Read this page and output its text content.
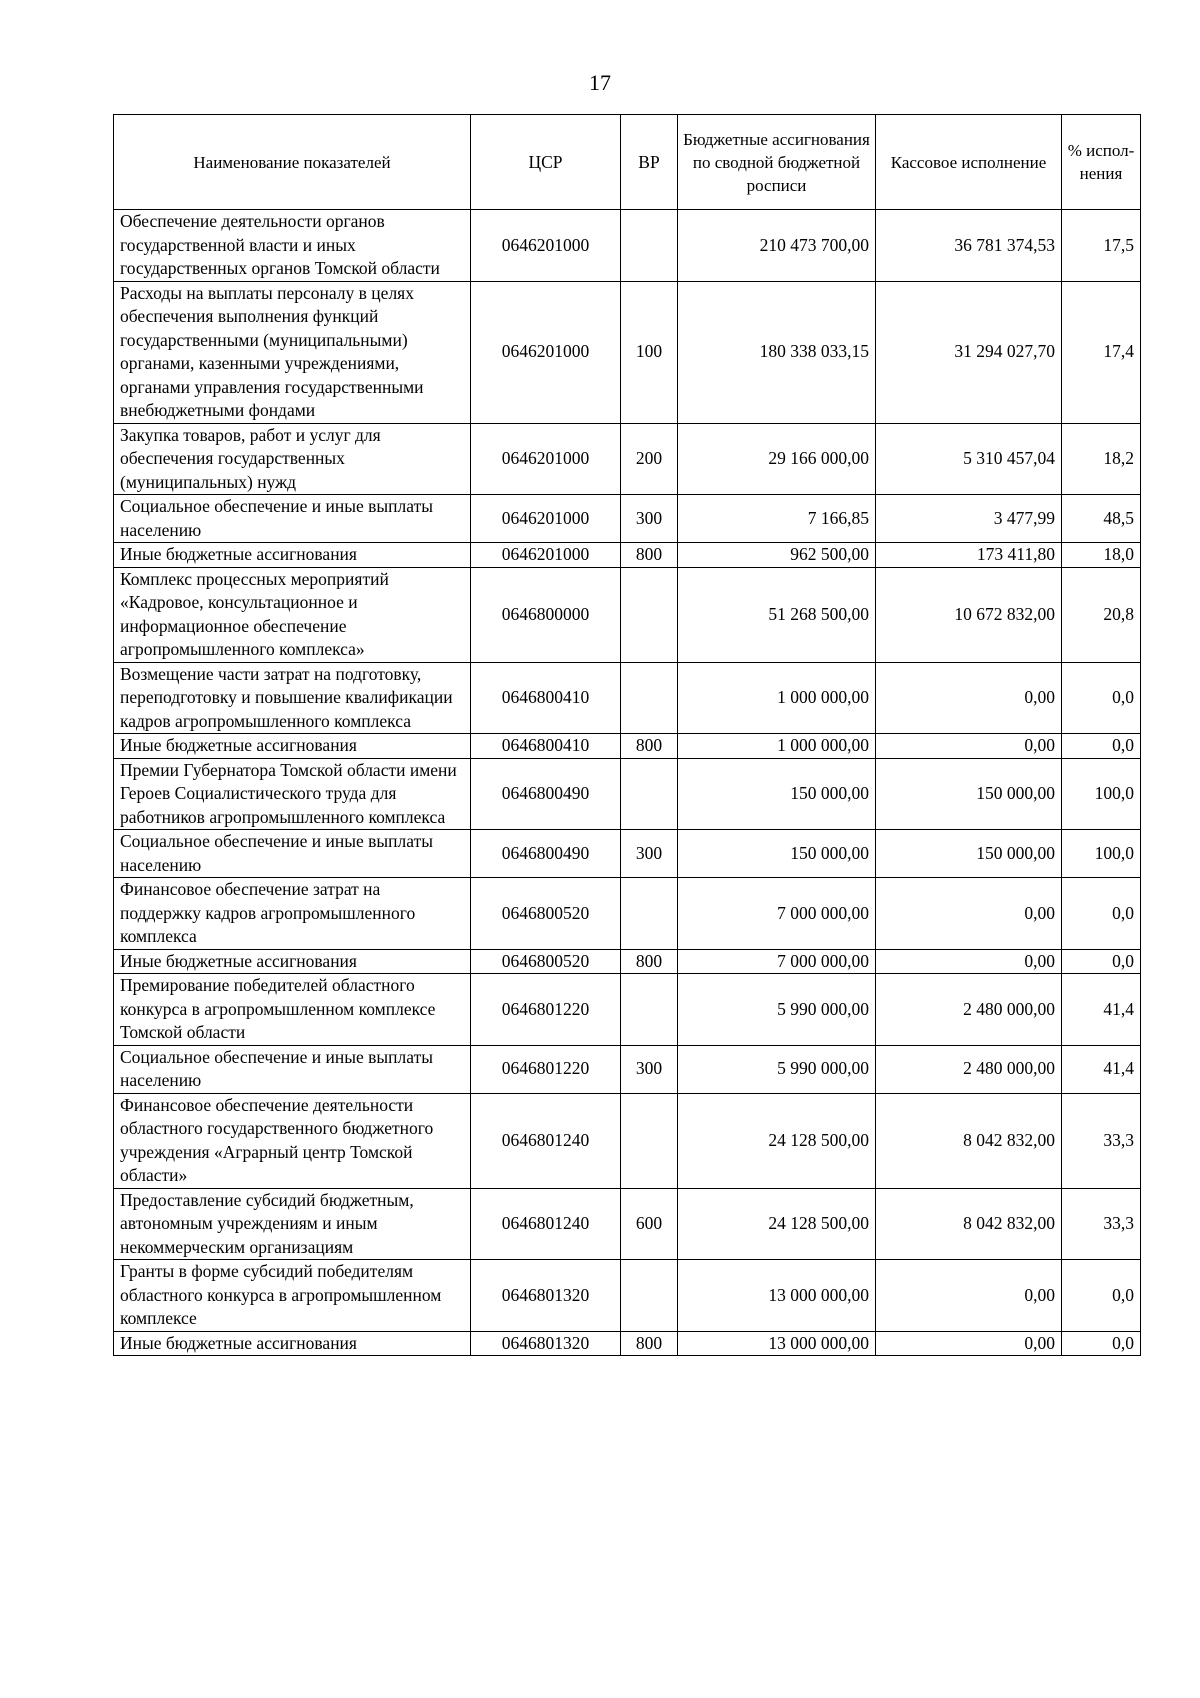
17
Наименование показателей	ЦСР	ВР	Бюджетные ассигнования по сводной бюджетной росписи	Кассовое исполнение	% испол-нения
Обеспечение деятельности органов государственной власти и иных государственных органов Томской области	0646201000		210 473 700,00	36 781 374,53	17,5
Расходы на выплаты персоналу в целях обеспечения выполнения функций государственными (муниципальными) органами, казенными учреждениями, органами управления государственными внебюджетными фондами	0646201000	100	180 338 033,15	31 294 027,70	17,4
Закупка товаров, работ и услуг для обеспечения государственных (муниципальных) нужд	0646201000	200	29 166 000,00	5 310 457,04	18,2
Социальное обеспечение и иные выплаты населению	0646201000	300	7 166,85	3 477,99	48,5
Иные бюджетные ассигнования	0646201000	800	962 500,00	173 411,80	18,0
Комплекс процессных мероприятий «Кадровое, консультационное и информационное обеспечение агропромышленного комплекса»	0646800000		51 268 500,00	10 672 832,00	20,8
Возмещение части затрат на подготовку, переподготовку и повышение квалификации кадров агропромышленного комплекса	0646800410		1 000 000,00	0,00	0,0
Иные бюджетные ассигнования	0646800410	800	1 000 000,00	0,00	0,0
Премии Губернатора Томской области имени Героев Социалистического труда для работников агропромышленного комплекса	0646800490		150 000,00	150 000,00	100,0
Социальное обеспечение и иные выплаты населению	0646800490	300	150 000,00	150 000,00	100,0
Финансовое обеспечение затрат на поддержку кадров агропромышленного комплекса	0646800520		7 000 000,00	0,00	0,0
Иные бюджетные ассигнования	0646800520	800	7 000 000,00	0,00	0,0
Премирование победителей областного конкурса в агропромышленном комплексе Томской области	0646801220		5 990 000,00	2 480 000,00	41,4
Социальное обеспечение и иные выплаты населению	0646801220	300	5 990 000,00	2 480 000,00	41,4
Финансовое обеспечение деятельности областного государственного бюджетного учреждения «Аграрный центр Томской области»	0646801240		24 128 500,00	8 042 832,00	33,3
Предоставление субсидий бюджетным, автономным учреждениям и иным некоммерческим организациям	0646801240	600	24 128 500,00	8 042 832,00	33,3
Гранты в форме субсидий победителям областного конкурса в агропромышленном комплексе	0646801320		13 000 000,00	0,00	0,0
Иные бюджетные ассигнования	0646801320	800	13 000 000,00	0,00	0,0
